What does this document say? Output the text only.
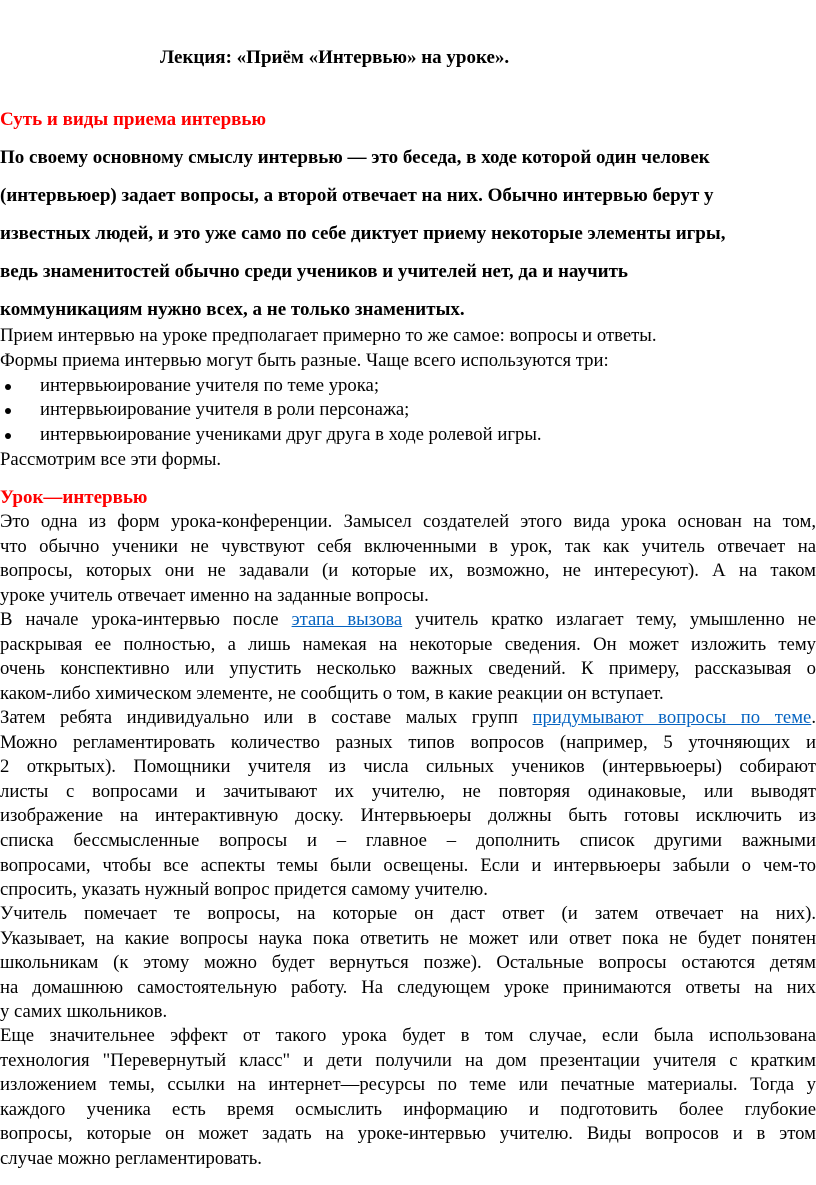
Лекция: «Приём «Интервью» на уроке».
Суть и виды приема интервью
По своему основному смыслу интервью — это беседа, в ходе которой один человек
(интервьюер) задает вопросы, а второй отвечает на них. Обычно интервью берут у
известных людей, и это уже само по себе диктует приему некоторые элементы игры,
ведь знаменитостей обычно среди учеников и учителей нет, да и научить
коммуникациям нужно всех, а не только знаменитых.
Прием интервью на уроке предполагает примерно то же самое: вопросы и ответы.
Формы приема интервью могут быть разные. Чаще всего используются три:
интервьюирование учителя по теме урока;
интервьюирование учителя в роли персонажа;
интервьюирование учениками друг друга в ходе ролевой игры.
Рассмотрим все эти формы.
Урок—интервью
Это одна из форм урока-конференции. Замысел создателей этого вида урока основан на том,
что обычно ученики не чувствуют себя включенными в урок, так как учитель отвечает на
вопросы, которых они не задавали (и которые их, возможно, не интересуют). А на таком
уроке учитель отвечает именно на заданные вопросы.
В начале урока-интервью после этапа вызова учитель кратко излагает тему, умышленно не
раскрывая ее полностью, а лишь намекая на некоторые сведения. Он может изложить тему
очень конспективно или упустить несколько важных сведений. К примеру, рассказывая о
каком-либо химическом элементе, не сообщить о том, в какие реакции он вступает.
Затем ребята индивидуально или в составе малых групп придумывают вопросы по теме.
Можно регламентировать количество разных типов вопросов (например, 5 уточняющих и
2 открытых). Помощники учителя из числа сильных учеников (интервьюеры) собирают
листы с вопросами и зачитывают их учителю, не повторяя одинаковые, или выводят
изображение на интерактивную доску. Интервьюеры должны быть готовы исключить из
списка бессмысленные вопросы и – главное – дополнить список другими важными
вопросами, чтобы все аспекты темы были освещены. Если и интервьюеры забыли о чем-то
спросить, указать нужный вопрос придется самому учителю.
Учитель помечает те вопросы, на которые он даст ответ (и затем отвечает на них).
Указывает, на какие вопросы наука пока ответить не может или ответ пока не будет понятен
школьникам (к этому можно будет вернуться позже). Остальные вопросы остаются детям
на домашнюю самостоятельную работу. На следующем уроке принимаются ответы на них
у самих школьников.
Еще значительнее эффект от такого урока будет в том случае, если была использована
технология "Перевернутый класс" и дети получили на дом презентации учителя с кратким
изложением темы, ссылки на интернет—ресурсы по теме или печатные материалы. Тогда у
каждого ученика есть время осмыслить информацию и подготовить более глубокие
вопросы, которые он может задать на уроке-интервью учителю. Виды вопросов и в этом
случае можно регламентировать.
